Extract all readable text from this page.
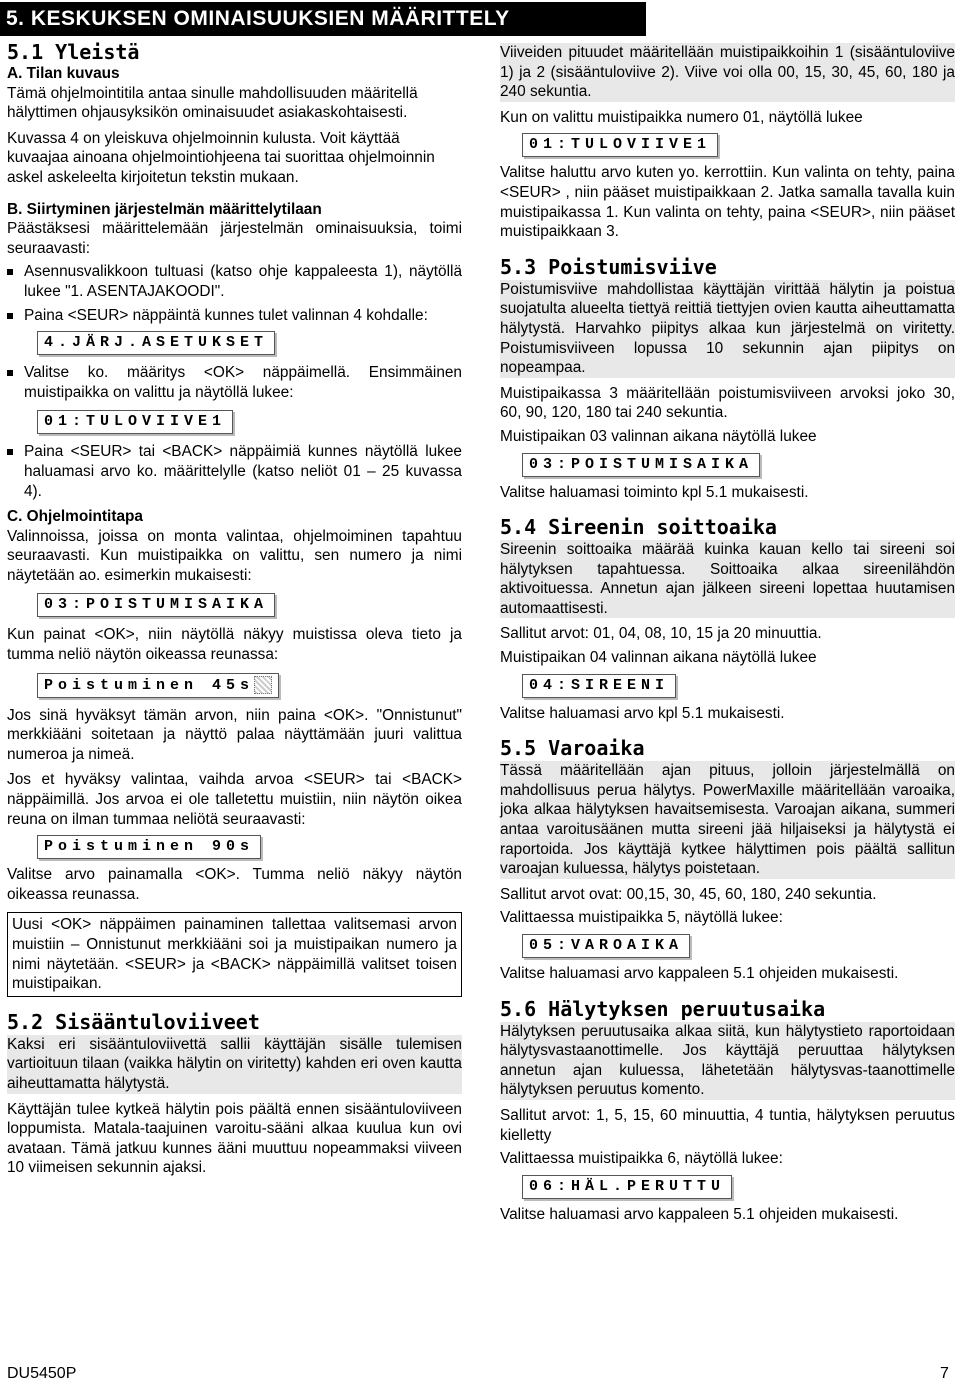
5. KESKUKSEN OMINAISUUKSIEN MÄÄRITTELY

5.1 Yleistä

A. Tilan kuvaus

Tämä ohjelmointitila antaa sinulle mahdollisuuden määritellä hälyttimen ohjausyksikön ominaisuudet asiakaskohtaisesti.

Kuvassa 4 on yleiskuva ohjelmoinnin kulusta. Voit käyttää kuvaajaa ainoana ohjelmointiohjeena tai suorittaa ohjelmoinnin askel askeleelta kirjoitetun tekstin mukaan.

B. Siirtyminen järjestelmän määrittelytilaan

Päästäksesi määrittelemään järjestelmän ominaisuuksia, toimi seuraavasti:

Asennusvalikkoon tultuasi (katso ohje kappaleesta 1), näytöllä lukee "1. ASENTAJAKOODI".

Paina <SEUR> näppäintä kunnes tulet valinnan 4 kohdalle:

4.JÄRJ.ASETUKSET

Valitse ko. määritys <OK> näppäimellä. Ensimmäinen muistipaikka on valittu ja näytöllä lukee:

01:TULOVIIVE1

Paina <SEUR> tai <BACK> näppäimiä kunnes näytöllä lukee haluamasi arvo ko. määrittelylle (katso neliöt 01 – 25 kuvassa 4).

C. Ohjelmointitapa

Valinnoissa, joissa on monta valintaa, ohjelmoiminen tapahtuu seuraavasti. Kun muistipaikka on valittu, sen numero ja nimi näytetään ao. esimerkin mukaisesti:

03:POISTUMISAIKA

Kun painat <OK>, niin näytöllä näkyy muistissa oleva tieto ja tumma neliö näytön oikeassa reunassa:

Poistuminen 45s

Jos sinä hyväksyt tämän arvon, niin paina <OK>. "Onnistunut" merkkiääni soitetaan ja näyttö palaa näyttämään juuri valittua numeroa ja nimeä.

Jos et hyväksy valintaa, vaihda arvoa <SEUR> tai <BACK> näppäimillä. Jos arvoa ei ole talletettu muistiin, niin näytön oikea reuna on ilman tummaa neliötä seuraavasti:

Poistuminen 90s

Valitse arvo painamalla <OK>. Tumma neliö näkyy näytön oikeassa reunassa.

Uusi <OK> näppäimen painaminen tallettaa valitsemasi arvon muistiin – Onnistunut merkkiääni soi ja muistipaikan numero ja nimi näytetään. <SEUR> ja <BACK> näppäimillä valitset toisen muistipaikan.

5.2 Sisääntuloviiveet

Kaksi eri sisääntuloviivettä sallii käyttäjän sisälle tulemisen vartioituun tilaan (vaikka hälytin on viritetty) kahden eri oven kautta aiheuttamatta hälytystä.

Käyttäjän tulee kytkeä hälytin pois päältä ennen sisääntuloviiveen loppumista. Matala-taajuinen varoitu-sääni alkaa kuulua kun ovi avataan. Tämä jatkuu kunnes ääni muuttuu nopeammaksi viiveen 10 viimeisen sekunnin ajaksi.

Viiveiden pituudet määritellään muistipaikkoihin 1 (sisääntuloviive 1) ja 2 (sisääntuloviive 2). Viive voi olla 00, 15, 30, 45, 60, 180 ja 240 sekuntia.

Kun on valittu muistipaikka numero 01, näytöllä lukee

01:TULOVIIVE1

Valitse haluttu arvo kuten yo. kerrottiin. Kun valinta on tehty, paina <SEUR> , niin pääset muistipaikkaan 2. Jatka samalla tavalla kuin muistipaikassa 1. Kun valinta on tehty, paina <SEUR>, niin pääset muistipaikkaan 3.

5.3 Poistumisviive

Poistumisviive mahdollistaa käyttäjän virittää hälytin ja poistua suojatulta alueelta tiettyä reittiä tiettyjen ovien kautta aiheuttamatta hälytystä. Harvahko piipitys alkaa kun järjestelmä on viritetty. Poistumisviiveen lopussa 10 sekunnin ajan piipitys on nopeampaa.

Muistipaikassa 3 määritellään poistumisviiveen arvoksi joko 30, 60, 90, 120, 180 tai 240 sekuntia.

Muistipaikan 03 valinnan aikana näytöllä lukee

03:POISTUMISAIKA

Valitse haluamasi toiminto kpl 5.1 mukaisesti.

5.4 Sireenin soittoaika

Sireenin soittoaika määrää kuinka kauan kello tai sireeni soi hälytyksen tapahtuessa. Soittoaika alkaa sireenilähdön aktivoituessa. Annetun ajan jälkeen sireeni lopettaa huutamisen automaattisesti.

Sallitut arvot: 01, 04, 08, 10, 15 ja 20 minuuttia.

Muistipaikan 04 valinnan aikana näytöllä lukee

04:SIREENI

Valitse haluamasi arvo kpl 5.1 mukaisesti.

5.5 Varoaika

Tässä määritellään ajan pituus, jolloin järjestelmällä on mahdollisuus perua hälytys. PowerMaxille määritellään varoaika, joka alkaa hälytyksen havaitsemisesta. Varoajan aikana, summeri antaa varoitusäänen mutta sireeni jää hiljaiseksi ja hälytystä ei raportoida. Jos käyttäjä kytkee hälyttimen pois päältä sallitun varoajan kuluessa, hälytys poistetaan.

Sallitut arvot ovat: 00,15, 30, 45, 60, 180, 240 sekuntia.

Valittaessa muistipaikka 5, näytöllä lukee:

05:VAROAIKA

Valitse haluamasi arvo kappaleen 5.1 ohjeiden mukaisesti.

5.6 Hälytyksen peruutusaika

Hälytyksen peruutusaika alkaa siitä, kun hälytystieto raportoidaan hälytysvastaanottimelle. Jos käyttäjä peruuttaa hälytyksen annetun ajan kuluessa, lähetetään hälytysvas-taanottimelle hälytyksen peruutus komento.

Sallitut arvot: 1, 5, 15, 60 minuuttia, 4 tuntia, hälytyksen peruutus kielletty

Valittaessa muistipaikka 6, näytöllä lukee:

06:HÄL.PERUTTU

Valitse haluamasi arvo kappaleen 5.1 ohjeiden mukaisesti.

DU5450P	7
